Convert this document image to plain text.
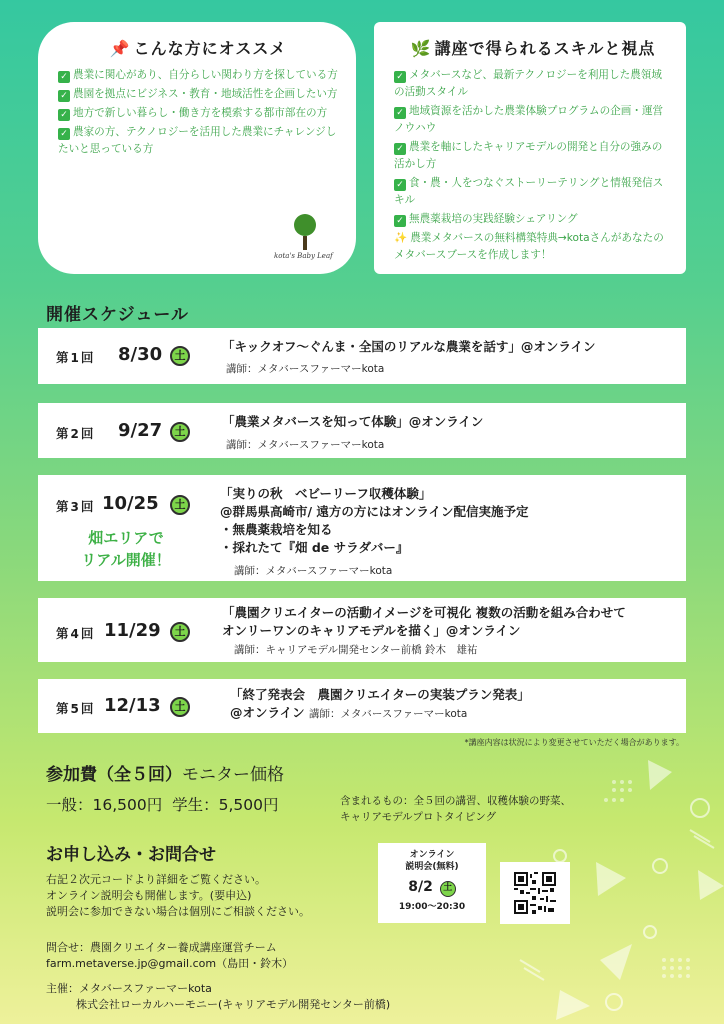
📌 こんな方にオススメ
✓ 農業に関心があり、自分らしい関わり方を探している方
✓ 農園を拠点にビジネス・教育・地域活性を企画したい方
✓ 地方で新しい暮らし・働き方を模索する都市部在の方
✓ 農家の方、テクノロジーを活用した農業にチャレンジしたいと思っている方
kota's Baby Leaf
🌿 講座で得られるスキルと視点
✓ メタバースなど、最新テクノロジーを利用した農領域の活動スタイル
✓ 地域資源を活かした農業体験プログラムの企画・運営ノウハウ
✓ 農業を軸にしたキャリアモデルの開発と自分の強みの活かし方
✓ 食・農・人をつなぐストーリーテリングと情報発信スキル
✓ 無農薬栽培の実践経験シェアリング
✨ 農業メタバースの無料構築特典→kotaさんがあなたのメタバースブースを作成します！
開催スケジュール
第 1 回 8/30	土
「キックオフ〜ぐんま・全国のリアルな農業を話す」@オンライン
講師：メタバースファーマーkota
第 2 回 9/27	土
「農業メタバースを知って体験」@オンライン
講師：メタバースファーマーkota
第 3 回 10/25	土
畑エリアで
リアル開催！
「実りの秋　ベビーリーフ収穫体験」
@群馬県高崎市/ 遠方の方にはオンライン配信実施予定
・無農薬栽培を知る
・採れたて『畑 de サラダバー』
講師：メタバースファーマーkota
第 4 回 11/29	土
「農園クリエイターの活動イメージを可視化 複数の活動を組み合わせて
オンリーワンのキャリアモデルを描く」@オンライン
講師：キャリアモデル開発センター前橋 鈴木　雄祐
第 5 回 12/13	土
「終了発表会　農園クリエイターの実装プラン発表」
@オンライン 講師：メタバースファーマーkota
*講座内容は状況により変更させていただく場合があります。
参加費（全５回）モニター価格
一般：16,500円 学生：5,500円	含まれるもの：全５回の講習、収穫体験の野菜、
キャリアモデルプロトタイピング
お申し込み・お問合せ
右記２次元コードより詳細をご覧ください。
オンライン説明会も開催します。(要申込)
説明会に参加できない場合は個別にご相談ください。
問合せ：農園クリエイター養成講座運営チーム
farm.metaverse.jp@gmail.com（島田・鈴木）
主催：メタバースファーマーkota
株式会社ローカルハーモニー(キャリアモデル開発センター前橋)
オンライン
説明会(無料)
8/2 土
19:00〜20:30
